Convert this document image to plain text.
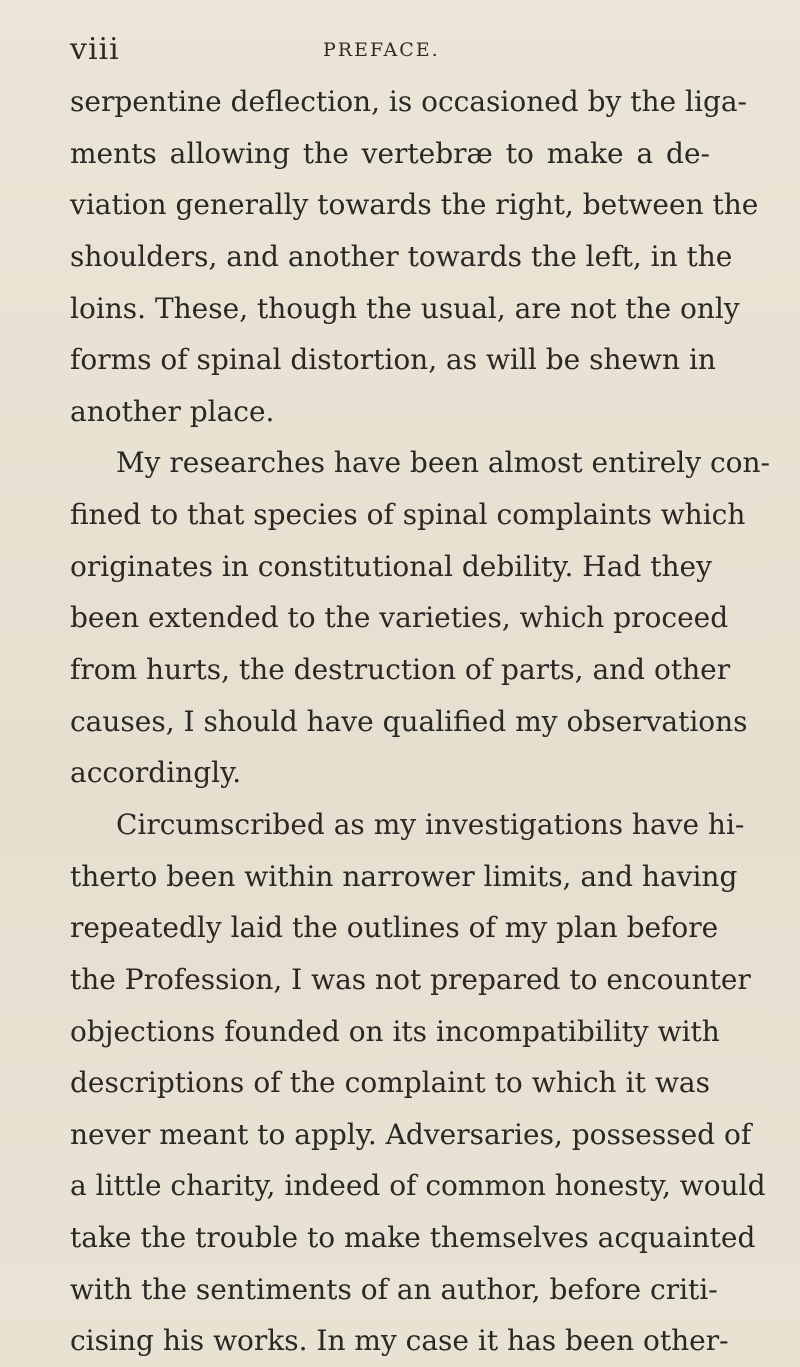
viii	PREFACE.
serpentine deflection, is occasioned by the liga-
ments allowing the vertebræ to make a de-
viation generally towards the right, between the
shoulders, and another towards the left, in the
loins. These, though the usual, are not the only
forms of spinal distortion, as will be shewn in
another place.
My researches have been almost entirely con-
fined to that species of spinal complaints which
originates in constitutional debility. Had they
been extended to the varieties, which proceed
from hurts, the destruction of parts, and other
causes, I should have qualified my observations
accordingly.
Circumscribed as my investigations have hi-
therto been within narrower limits, and having
repeatedly laid the outlines of my plan before
the Profession, I was not prepared to encounter
objections founded on its incompatibility with
descriptions of the complaint to which it was
never meant to apply. Adversaries, possessed of
a little charity, indeed of common honesty, would
take the trouble to make themselves acquainted
with the sentiments of an author, before criti-
cising his works. In my case it has been other-
